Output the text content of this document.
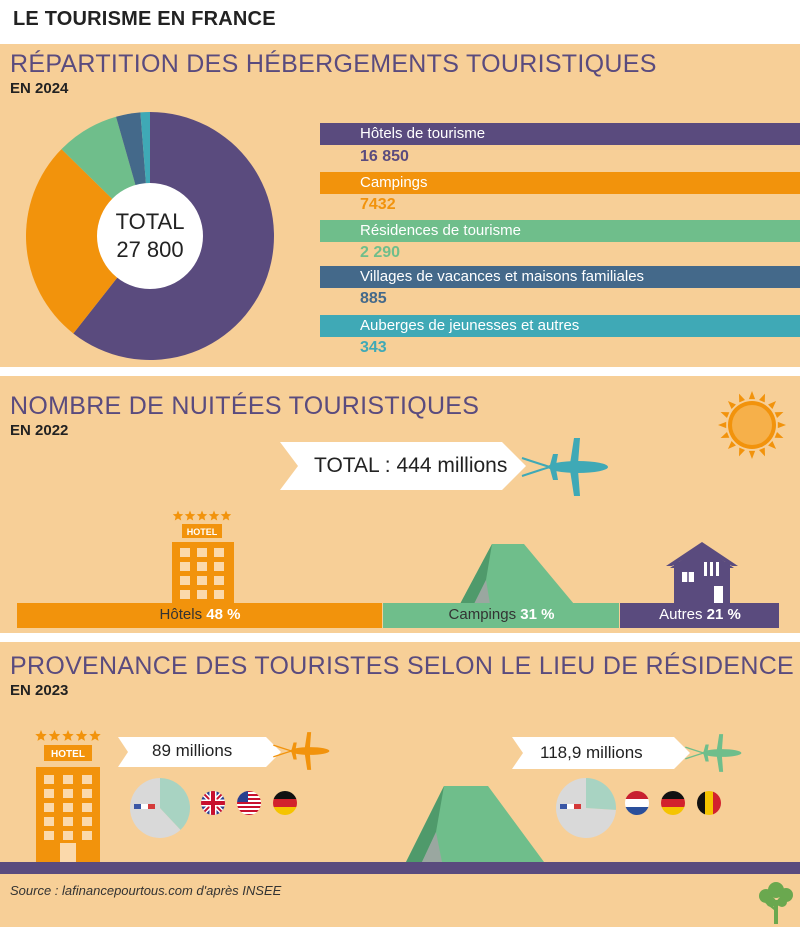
LE TOURISME EN FRANCE
RÉPARTITION DES HÉBERGEMENTS TOURISTIQUES
EN 2024
TOTAL
27 800
Hôtels de tourisme
16 850
Campings
7432
Résidences de tourisme
2 290
Villages de vacances et maisons familiales
885
Auberges de jeunesses et autres
343
NOMBRE DE NUITÉES TOURISTIQUES
EN 2022
TOTAL : 444 millions
HOTEL
Hôtels 48 %	Campings 31 %	Autres 21 %
PROVENANCE DES TOURISTES SELON LE LIEU DE RÉSIDENCE
EN 2023
HOTEL	89 millions	118,9 millions
Source : lafinancepourtous.com d'après INSEE
